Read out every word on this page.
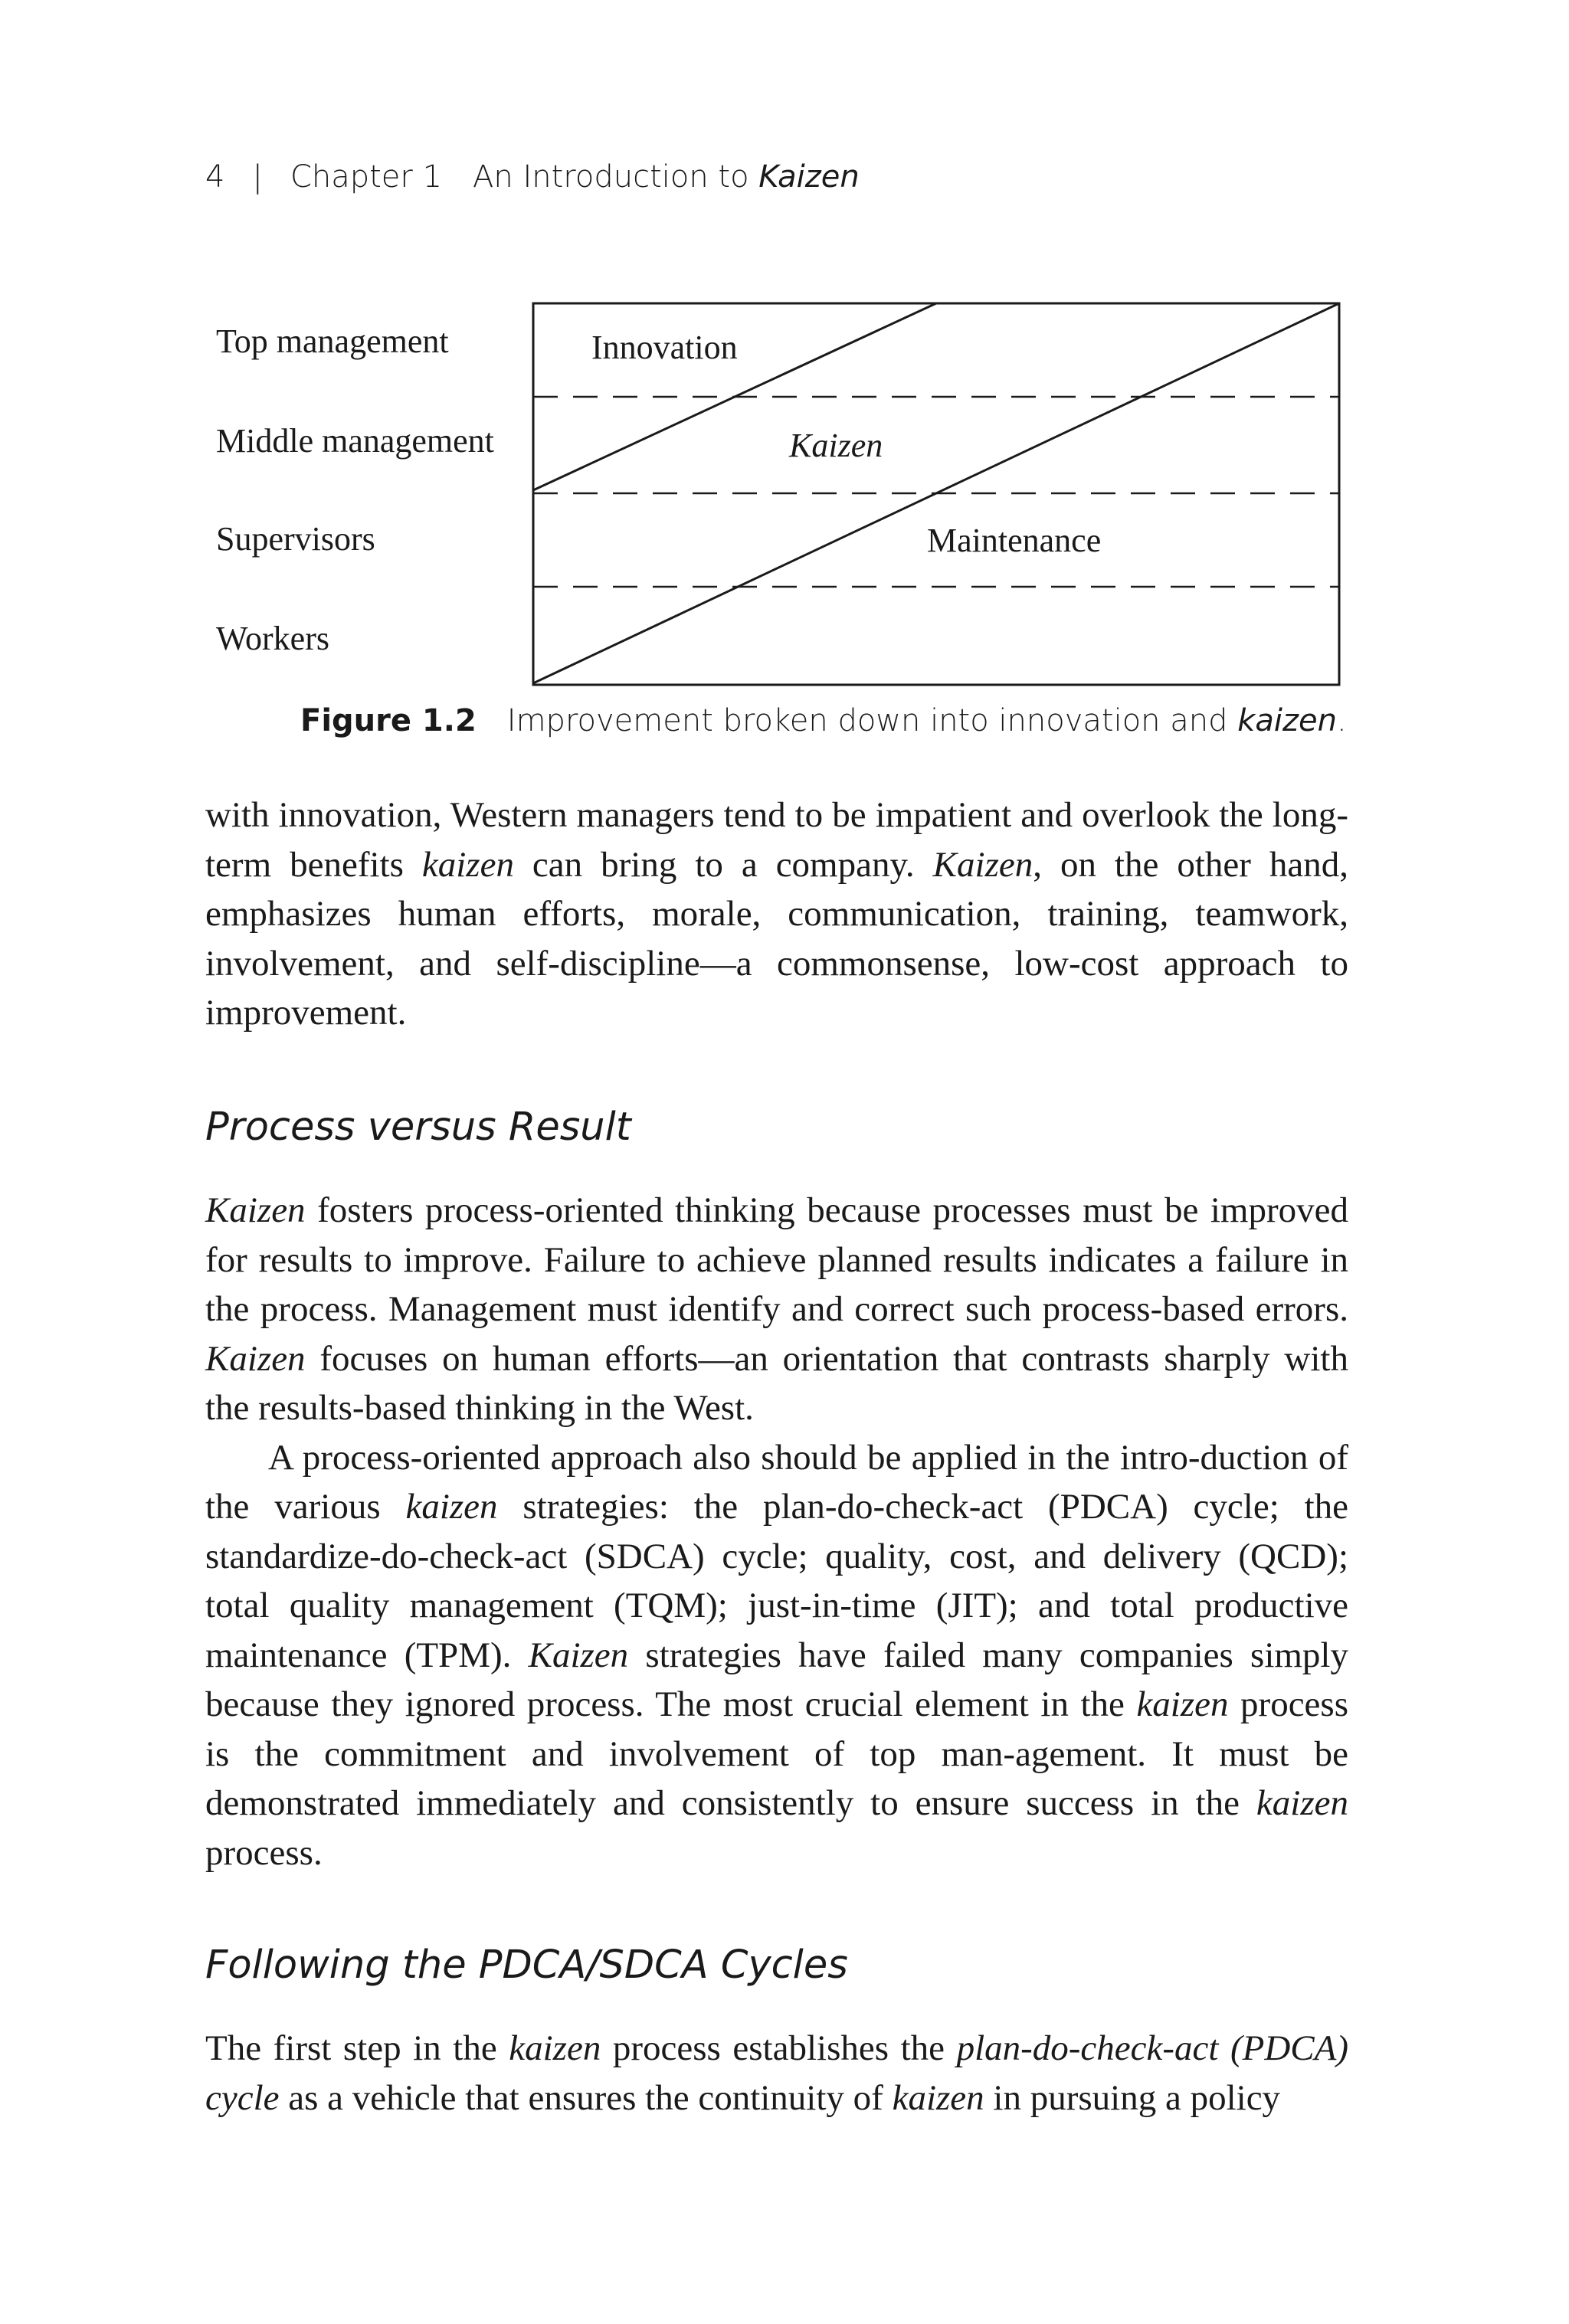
4 | Chapter 1 An Introduction to Kaizen
Top management
Middle management
Supervisors
Workers
Innovation
Kaizen
Maintenance
Figure 1.2 Improvement broken down into innovation and kaizen.

with innovation, Western managers tend to be impatient and overlook the long-term benefits kaizen can bring to a company. Kaizen, on the other hand, emphasizes human efforts, morale, communication, training, teamwork, involvement, and self-discipline—a commonsense, low-cost approach to improvement.

Process versus Result

Kaizen fosters process-oriented thinking because processes must be improved for results to improve. Failure to achieve planned results indicates a failure in the process. Management must identify and correct such process-based errors. Kaizen focuses on human efforts—an orientation that contrasts sharply with the results-based thinking in the West.

A process-oriented approach also should be applied in the intro-duction of the various kaizen strategies: the plan-do-check-act (PDCA) cycle; the standardize-do-check-act (SDCA) cycle; quality, cost, and delivery (QCD); total quality management (TQM); just-in-time (JIT); and total productive maintenance (TPM). Kaizen strategies have failed many companies simply because they ignored process. The most crucial element in the kaizen process is the commitment and involvement of top man-agement. It must be demonstrated immediately and consistently to ensure success in the kaizen process.

Following the PDCA/SDCA Cycles

The first step in the kaizen process establishes the plan-do-check-act (PDCA) cycle as a vehicle that ensures the continuity of kaizen in pursuing a policy
